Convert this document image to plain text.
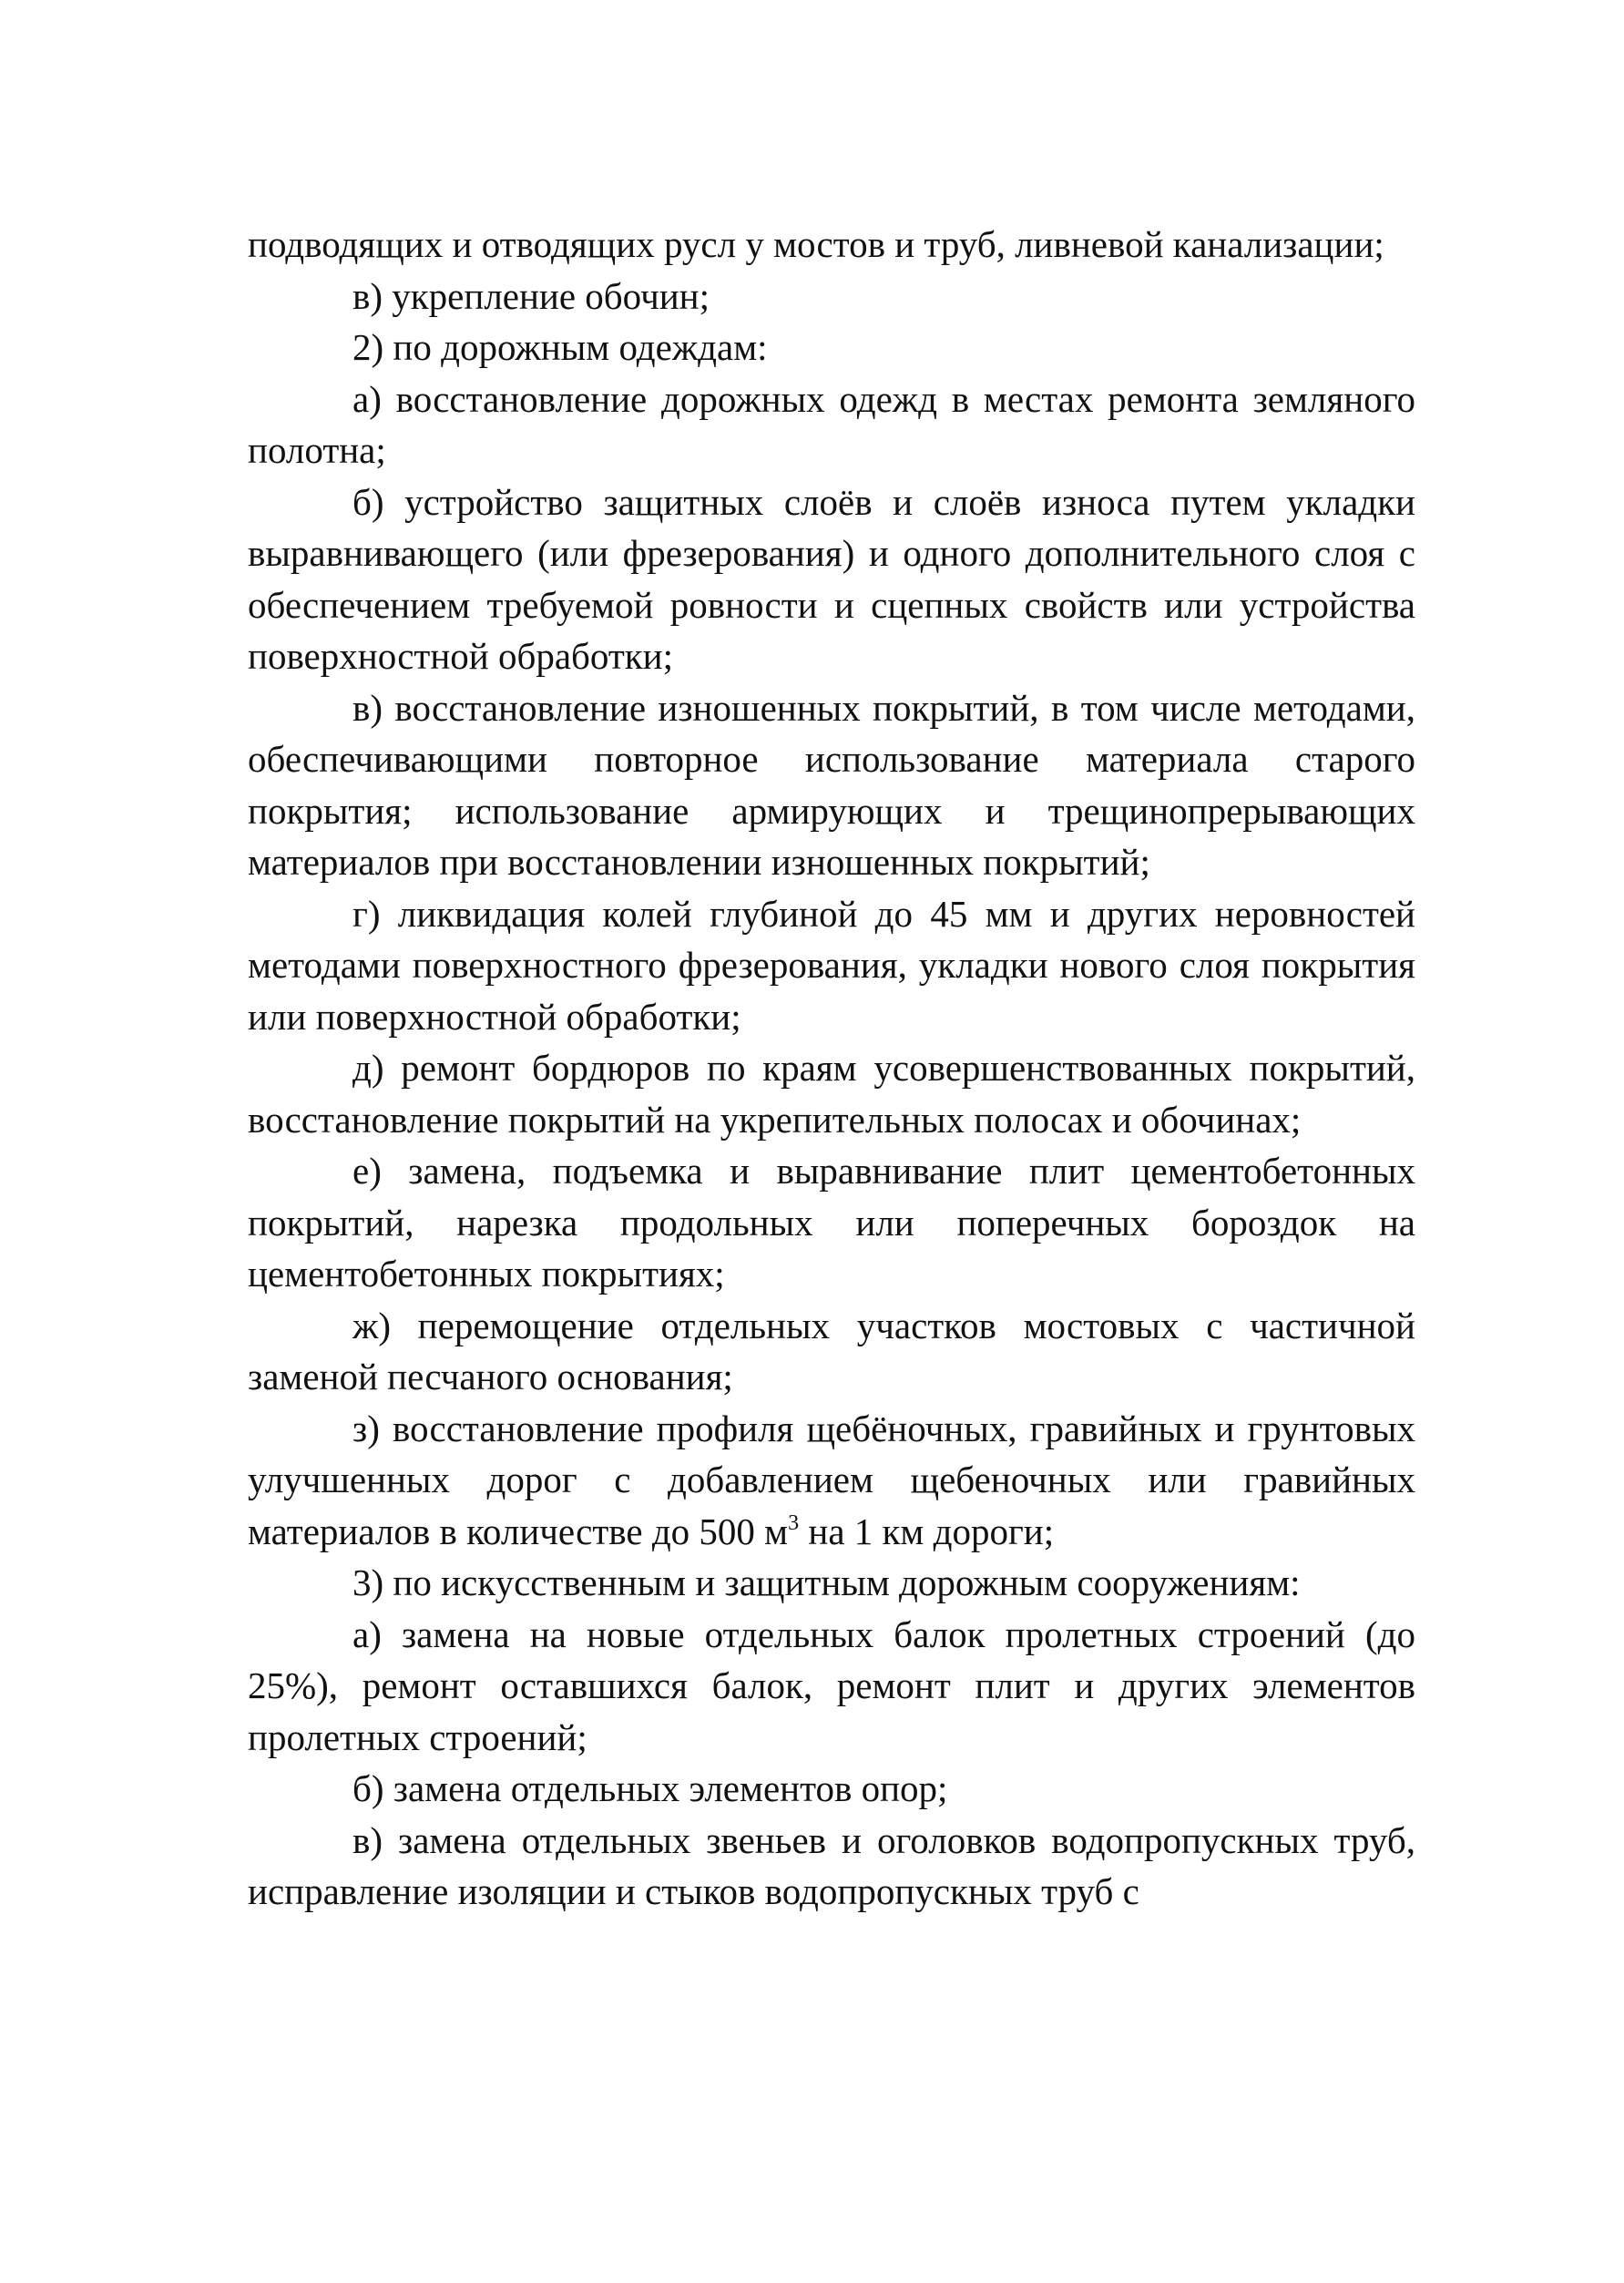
подводящих и отводящих русл у мостов и труб, ливневой канализации;

в) укрепление обочин;

2) по дорожным одеждам:

а) восстановление дорожных одежд в местах ремонта земляного полотна;

б) устройство защитных слоёв и слоёв износа путем укладки выравнивающего (или фрезерования) и одного дополнительного слоя с обеспечением требуемой ровности и сцепных свойств или устройства поверхностной обработки;

в) восстановление изношенных покрытий, в том числе методами, обеспечивающими повторное использование материала старого покрытия; использование армирующих и трещинопрерывающих материалов при восстановлении изношенных покрытий;

г) ликвидация колей глубиной до 45 мм и других неровностей методами поверхностного фрезерования, укладки нового слоя покрытия или поверхностной обработки;

д) ремонт бордюров по краям усовершенствованных покрытий, восстановление покрытий на укрепительных полосах и обочинах;

е) замена, подъемка и выравнивание плит цементобетонных покрытий, нарезка продольных или поперечных бороздок на цементобетонных покрытиях;

ж) перемощение отдельных участков мостовых с частичной заменой песчаного основания;

з) восстановление профиля щебёночных, гравийных и грунтовых улучшенных дорог с добавлением щебеночных или гравийных материалов в количестве до 500 $м^3$ на 1 км дороги;

3) по искусственным и защитным дорожным сооружениям:

а) замена на новые отдельных балок пролетных строений (до 25%), ремонт оставшихся балок, ремонт плит и других элементов пролетных строений;

б) замена отдельных элементов опор;

в) замена отдельных звеньев и оголовков водопропускных труб, исправление изоляции и стыков водопропускных труб с
